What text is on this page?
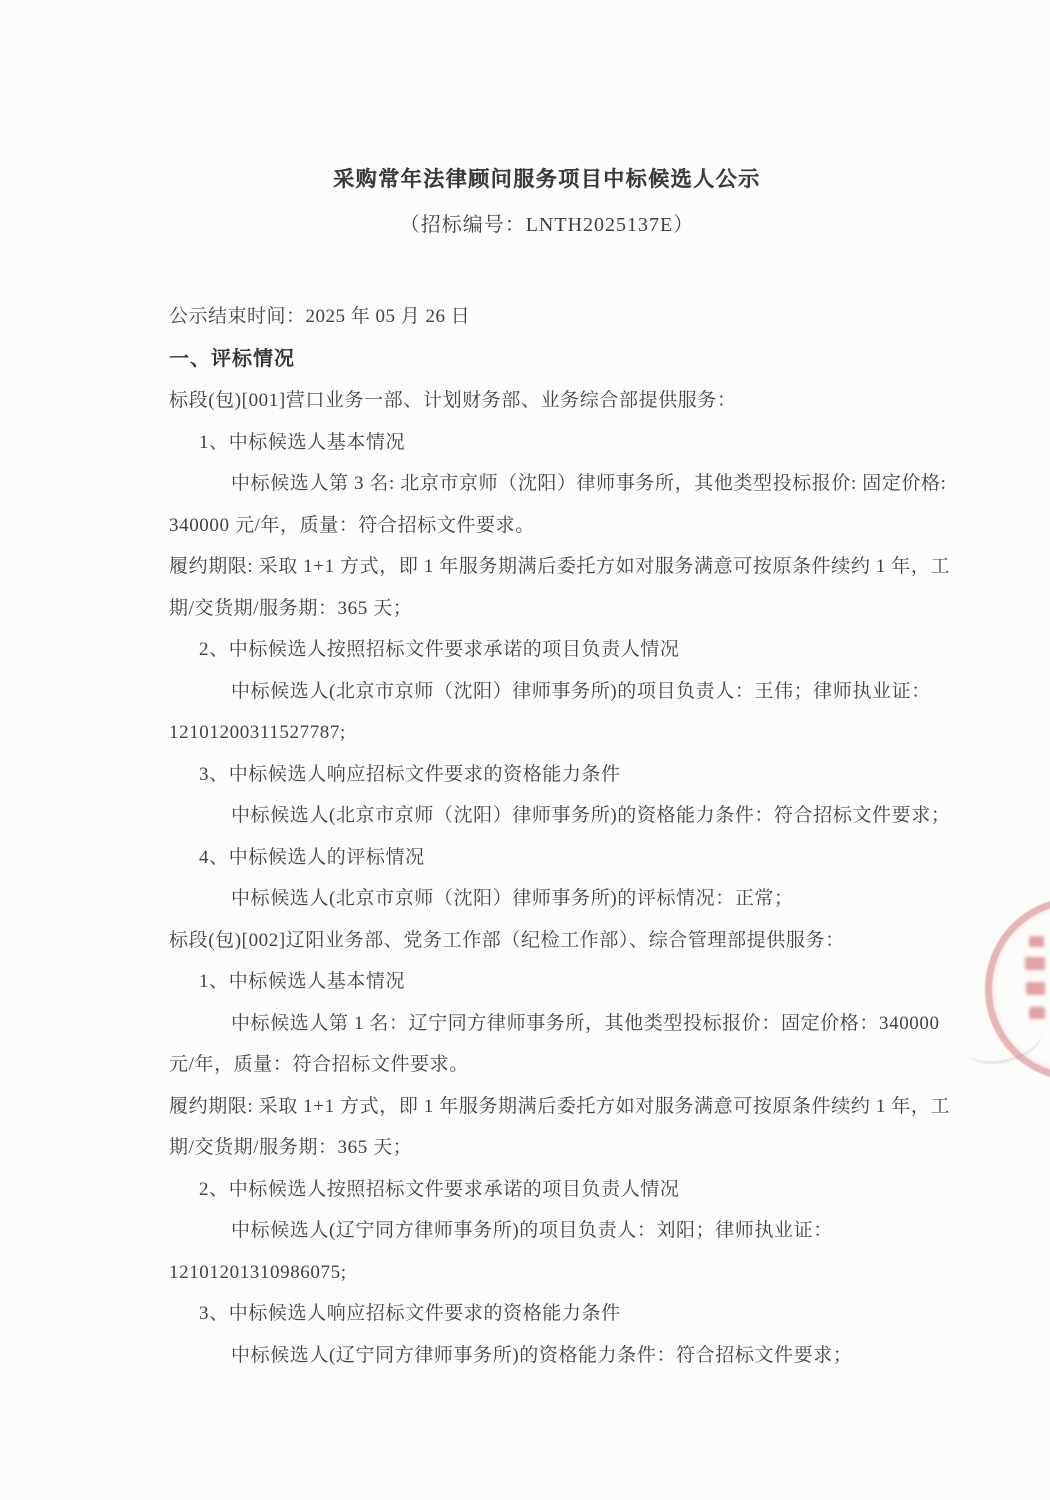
采购常年法律顾问服务项目中标候选人公示
（招标编号：LNTH2025137E）
公示结束时间：2025 年 05 月 26 日
一、评标情况
标段(包)[001]营口业务一部、计划财务部、业务综合部提供服务：
1、中标候选人基本情况
中标候选人第 3 名: 北京市京师（沈阳）律师事务所，其他类型投标报价: 固定价格:
340000 元/年，质量：符合招标文件要求。
履约期限: 采取 1+1 方式，即 1 年服务期满后委托方如对服务满意可按原条件续约 1 年，工
期/交货期/服务期：365 天；
2、中标候选人按照招标文件要求承诺的项目负责人情况
中标候选人(北京市京师（沈阳）律师事务所)的项目负责人：王伟；律师执业证：
12101200311527787;
3、中标候选人响应招标文件要求的资格能力条件
中标候选人(北京市京师（沈阳）律师事务所)的资格能力条件：符合招标文件要求；
4、中标候选人的评标情况
中标候选人(北京市京师（沈阳）律师事务所)的评标情况：正常；
标段(包)[002]辽阳业务部、党务工作部（纪检工作部）、综合管理部提供服务：
1、中标候选人基本情况
中标候选人第 1 名：辽宁同方律师事务所，其他类型投标报价：固定价格：340000
元/年，质量：符合招标文件要求。
履约期限: 采取 1+1 方式，即 1 年服务期满后委托方如对服务满意可按原条件续约 1 年，工
期/交货期/服务期：365 天；
2、中标候选人按照招标文件要求承诺的项目负责人情况
中标候选人(辽宁同方律师事务所)的项目负责人：刘阳；律师执业证：
12101201310986075;
3、中标候选人响应招标文件要求的资格能力条件
中标候选人(辽宁同方律师事务所)的资格能力条件：符合招标文件要求；
